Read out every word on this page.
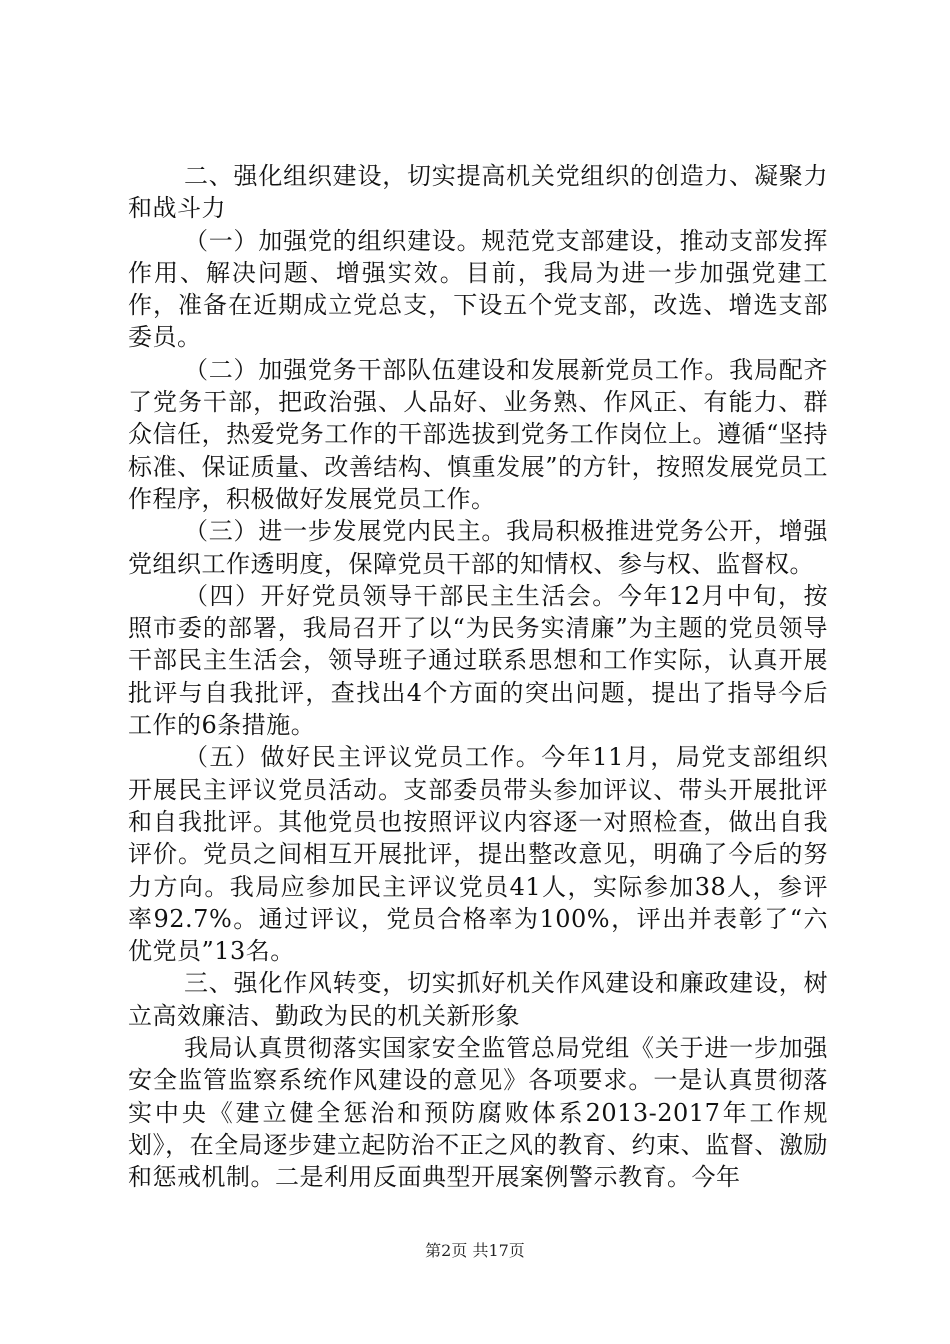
二、强化组织建设，切实提高机关党组织的创造力、凝聚力和战斗力

（一）加强党的组织建设。规范党支部建设，推动支部发挥作用、解决问题、增强实效。目前，我局为进一步加强党建工作，准备在近期成立党总支，下设五个党支部，改选、增选支部委员。

（二）加强党务干部队伍建设和发展新党员工作。我局配齐了党务干部，把政治强、人品好、业务熟、作风正、有能力、群众信任，热爱党务工作的干部选拔到党务工作岗位上。遵循“坚持标准、保证质量、改善结构、慎重发展”的方针，按照发展党员工作程序，积极做好发展党员工作。

（三）进一步发展党内民主。我局积极推进党务公开，增强党组织工作透明度，保障党员干部的知情权、参与权、监督权。

（四）开好党员领导干部民主生活会。今年12月中旬，按照市委的部署，我局召开了以“为民务实清廉”为主题的党员领导干部民主生活会，领导班子通过联系思想和工作实际，认真开展批评与自我批评，查找出4个方面的突出问题，提出了指导今后工作的6条措施。

（五）做好民主评议党员工作。今年11月，局党支部组织开展民主评议党员活动。支部委员带头参加评议、带头开展批评和自我批评。其他党员也按照评议内容逐一对照检查，做出自我评价。党员之间相互开展批评，提出整改意见，明确了今后的努力方向。我局应参加民主评议党员41人，实际参加38人，参评率92.7%。通过评议，党员合格率为100%，评出并表彰了“六优党员”13名。

三、强化作风转变，切实抓好机关作风建设和廉政建设，树立高效廉洁、勤政为民的机关新形象

我局认真贯彻落实国家安全监管总局党组《关于进一步加强安全监管监察系统作风建设的意见》各项要求。一是认真贯彻落实中央《建立健全惩治和预防腐败体系2013-2017年工作规划》，在全局逐步建立起防治不正之风的教育、约束、监督、激励和惩戒机制。二是利用反面典型开展案例警示教育。今年

第2页 共17页
